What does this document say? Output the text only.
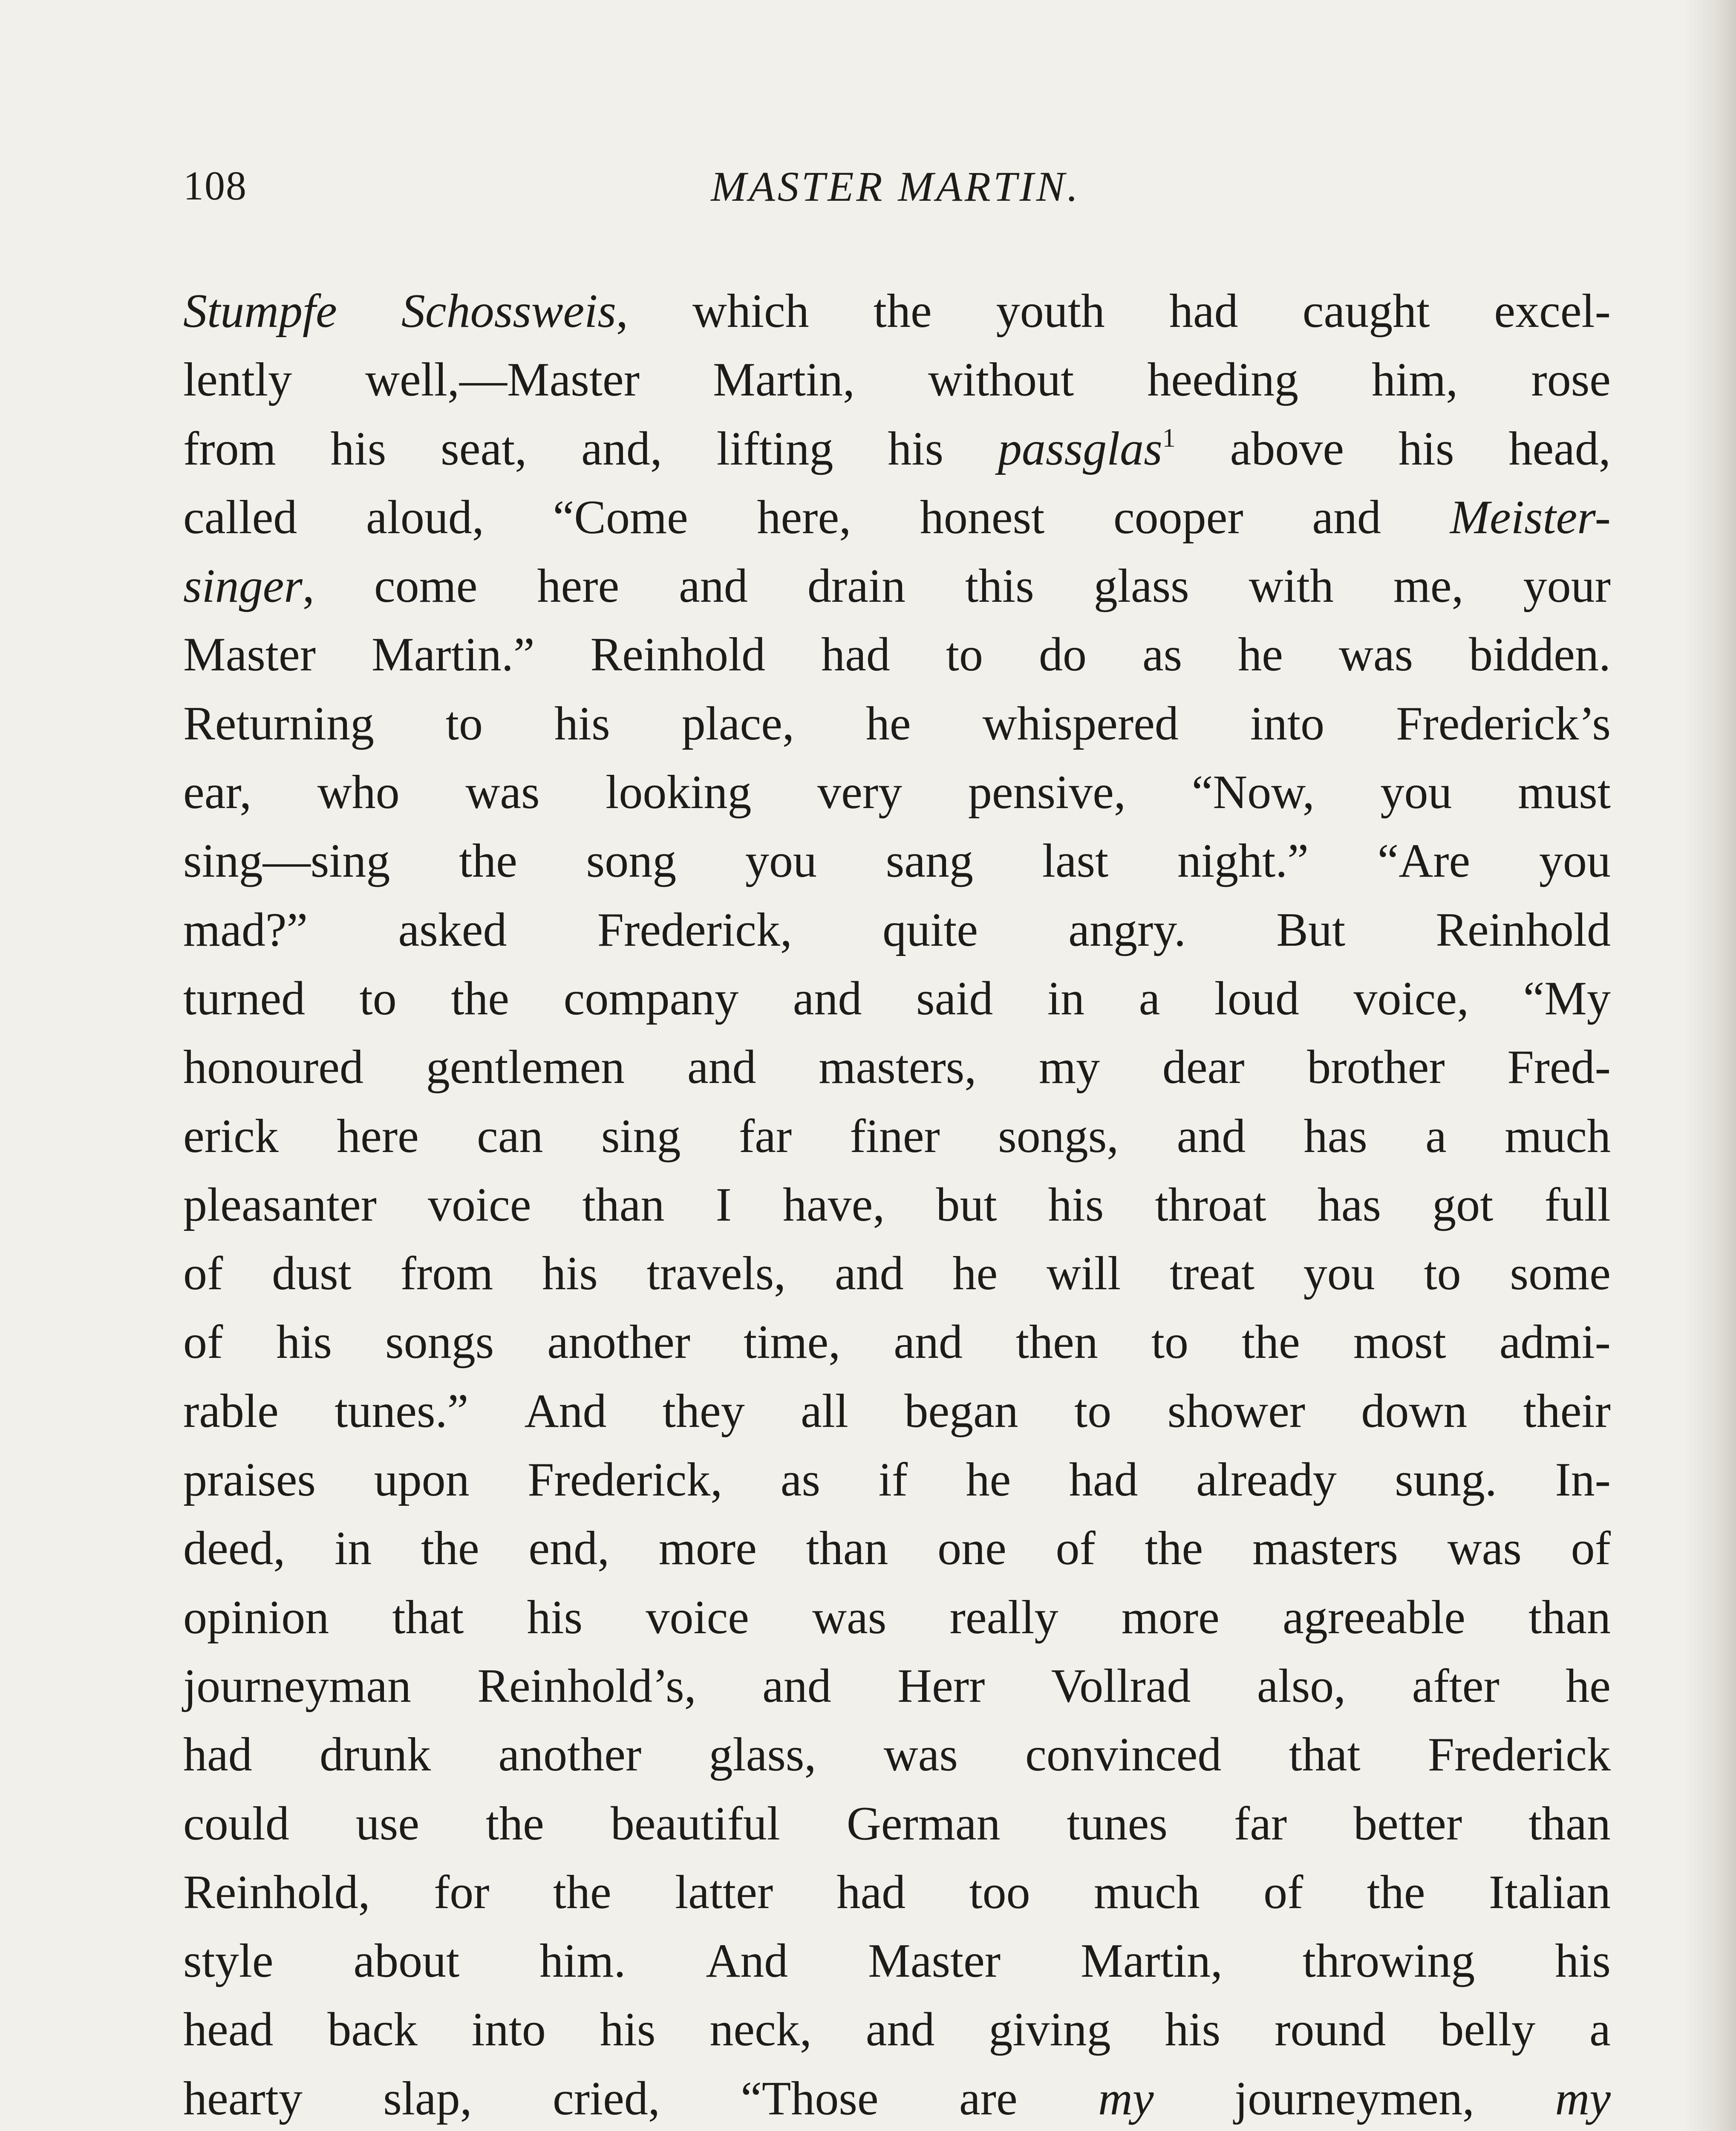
108	MASTER MARTIN.
Stumpfe Schossweis, which the youth had caught excel-
lently well,—Master Martin, without heeding him, rose
from his seat, and, lifting his passglas$^1$ above his head,
called aloud, “Come here, honest cooper and Meister-
singer, come here and drain this glass with me, your
Master Martin.” Reinhold had to do as he was bidden.
Returning to his place, he whispered into Frederick’s
ear, who was looking very pensive, “Now, you must
sing—sing the song you sang last night.” “Are you
mad?” asked Frederick, quite angry. But Reinhold
turned to the company and said in a loud voice, “My
honoured gentlemen and masters, my dear brother Fred-
erick here can sing far finer songs, and has a much
pleasanter voice than I have, but his throat has got full
of dust from his travels, and he will treat you to some
of his songs another time, and then to the most admi-
rable tunes.” And they all began to shower down their
praises upon Frederick, as if he had already sung. In-
deed, in the end, more than one of the masters was of
opinion that his voice was really more agreeable than
journeyman Reinhold’s, and Herr Vollrad also, after he
had drunk another glass, was convinced that Frederick
could use the beautiful German tunes far better than
Reinhold, for the latter had too much of the Italian
style about him. And Master Martin, throwing his
head back into his neck, and giving his round belly a
hearty slap, cried, “Those are my journeymen, my
